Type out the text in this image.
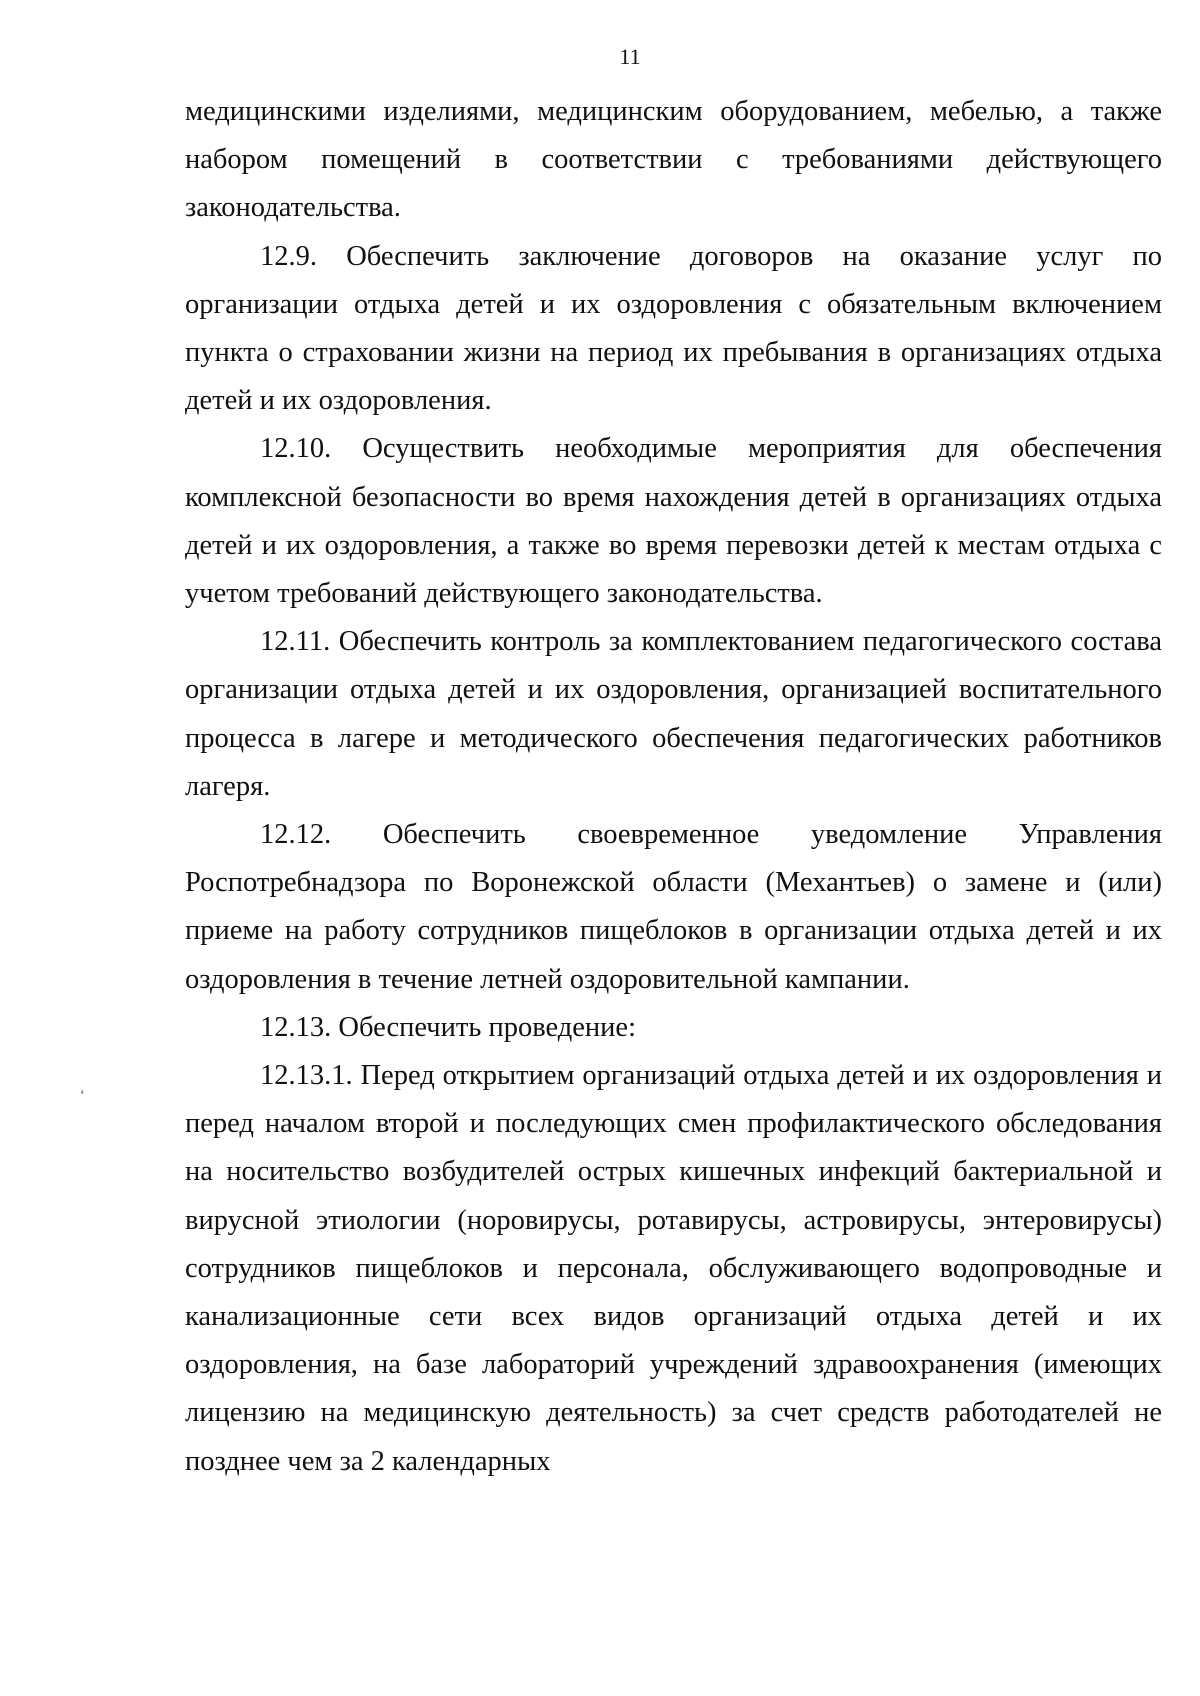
11
ʻ

медицинскими изделиями, медицинским оборудованием, мебелью, а также набором помещений в соответствии с требованиями действующего законодательства.

12.9. Обеспечить заключение договоров на оказание услуг по организации отдыха детей и их оздоровления с обязательным включением пункта о страховании жизни на период их пребывания в организациях отдыха детей и их оздоровления.

12.10. Осуществить необходимые мероприятия для обеспечения комплексной безопасности во время нахождения детей в организациях отдыха детей и их оздоровления, а также во время перевозки детей к местам отдыха с учетом требований действующего законодательства.

12.11. Обеспечить контроль за комплектованием педагогического состава организации отдыха детей и их оздоровления, организацией воспитательного процесса в лагере и методического обеспечения педагогических работников лагеря.

12.12. Обеспечить своевременное уведомление Управления Роспотребнадзора по Воронежской области (Механтьев) о замене и (или) приеме на работу сотрудников пищеблоков в организации отдыха детей и их оздоровления в течение летней оздоровительной кампании.

12.13. Обеспечить проведение:

12.13.1. Перед открытием организаций отдыха детей и их оздоровления и перед началом второй и последующих смен профилактического обследования на носительство возбудителей острых кишечных инфекций бактериальной и вирусной этиологии (норовирусы, ротавирусы, астровирусы, энтеровирусы) сотрудников пищеблоков и персонала, обслуживающего водопроводные и канализационные сети всех видов организаций отдыха детей и их оздоровления, на базе лабораторий учреждений здравоохранения (имеющих лицензию на медицинскую деятельность) за счет средств работодателей не позднее чем за 2 календарных
